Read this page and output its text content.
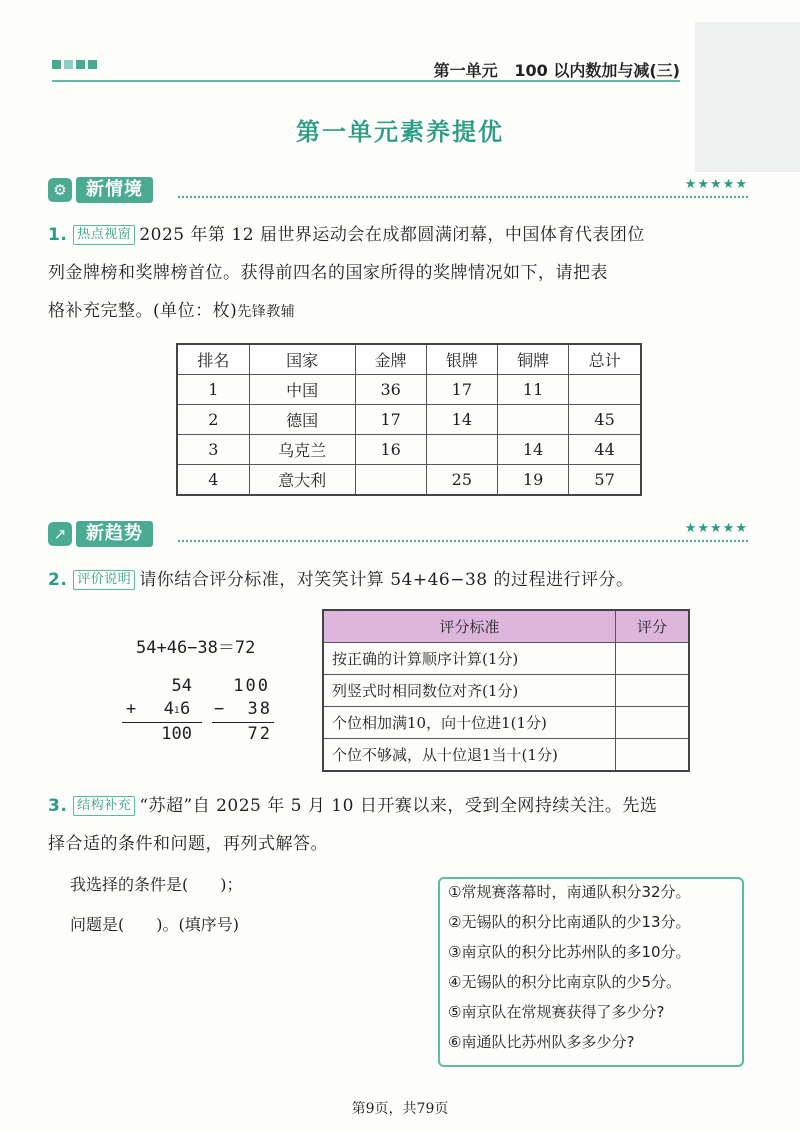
第一单元 100 以内数加与减(三)
第一单元素养提优
⚙	新情境	★★★★★
1. 热点视窗 2025 年第 12 届世界运动会在成都圆满闭幕，中国体育代表团位
列金牌榜和奖牌榜首位。获得前四名的国家所得的奖牌情况如下，请把表
格补充完整。(单位：枚)先锋教辅
排名	国家	金牌	银牌	铜牌	总计
1	中国	36	17	11	
2	德国	17	14		45
3	乌克兰	16		14	44
4	意大利		25	19	57
↗	新趋势	★★★★★
2. 评价说明 请你结合评分标准，对笑笑计算 54+46−38 的过程进行评分。
54+46−38＝72
54
+	4 1 6
100
100
−	38
72
评分标准	评分
按正确的计算顺序计算(1分)	
列竖式时相同数位对齐(1分)	
个位相加满10，向十位进1(1分)	
个位不够减，从十位退1当十(1分)	
3. 结构补充 “苏超”自 2025 年 5 月 10 日开赛以来，受到全网持续关注。先选
择合适的条件和问题，再列式解答。
我选择的条件是(　　)；
问题是(　　)。(填序号)
①常规赛落幕时，南通队积分32分。
②无锡队的积分比南通队的少13分。
③南京队的积分比苏州队的多10分。
④无锡队的积分比南京队的少5分。
⑤南京队在常规赛获得了多少分?
⑥南通队比苏州队多多少分?
第9页，共79页
